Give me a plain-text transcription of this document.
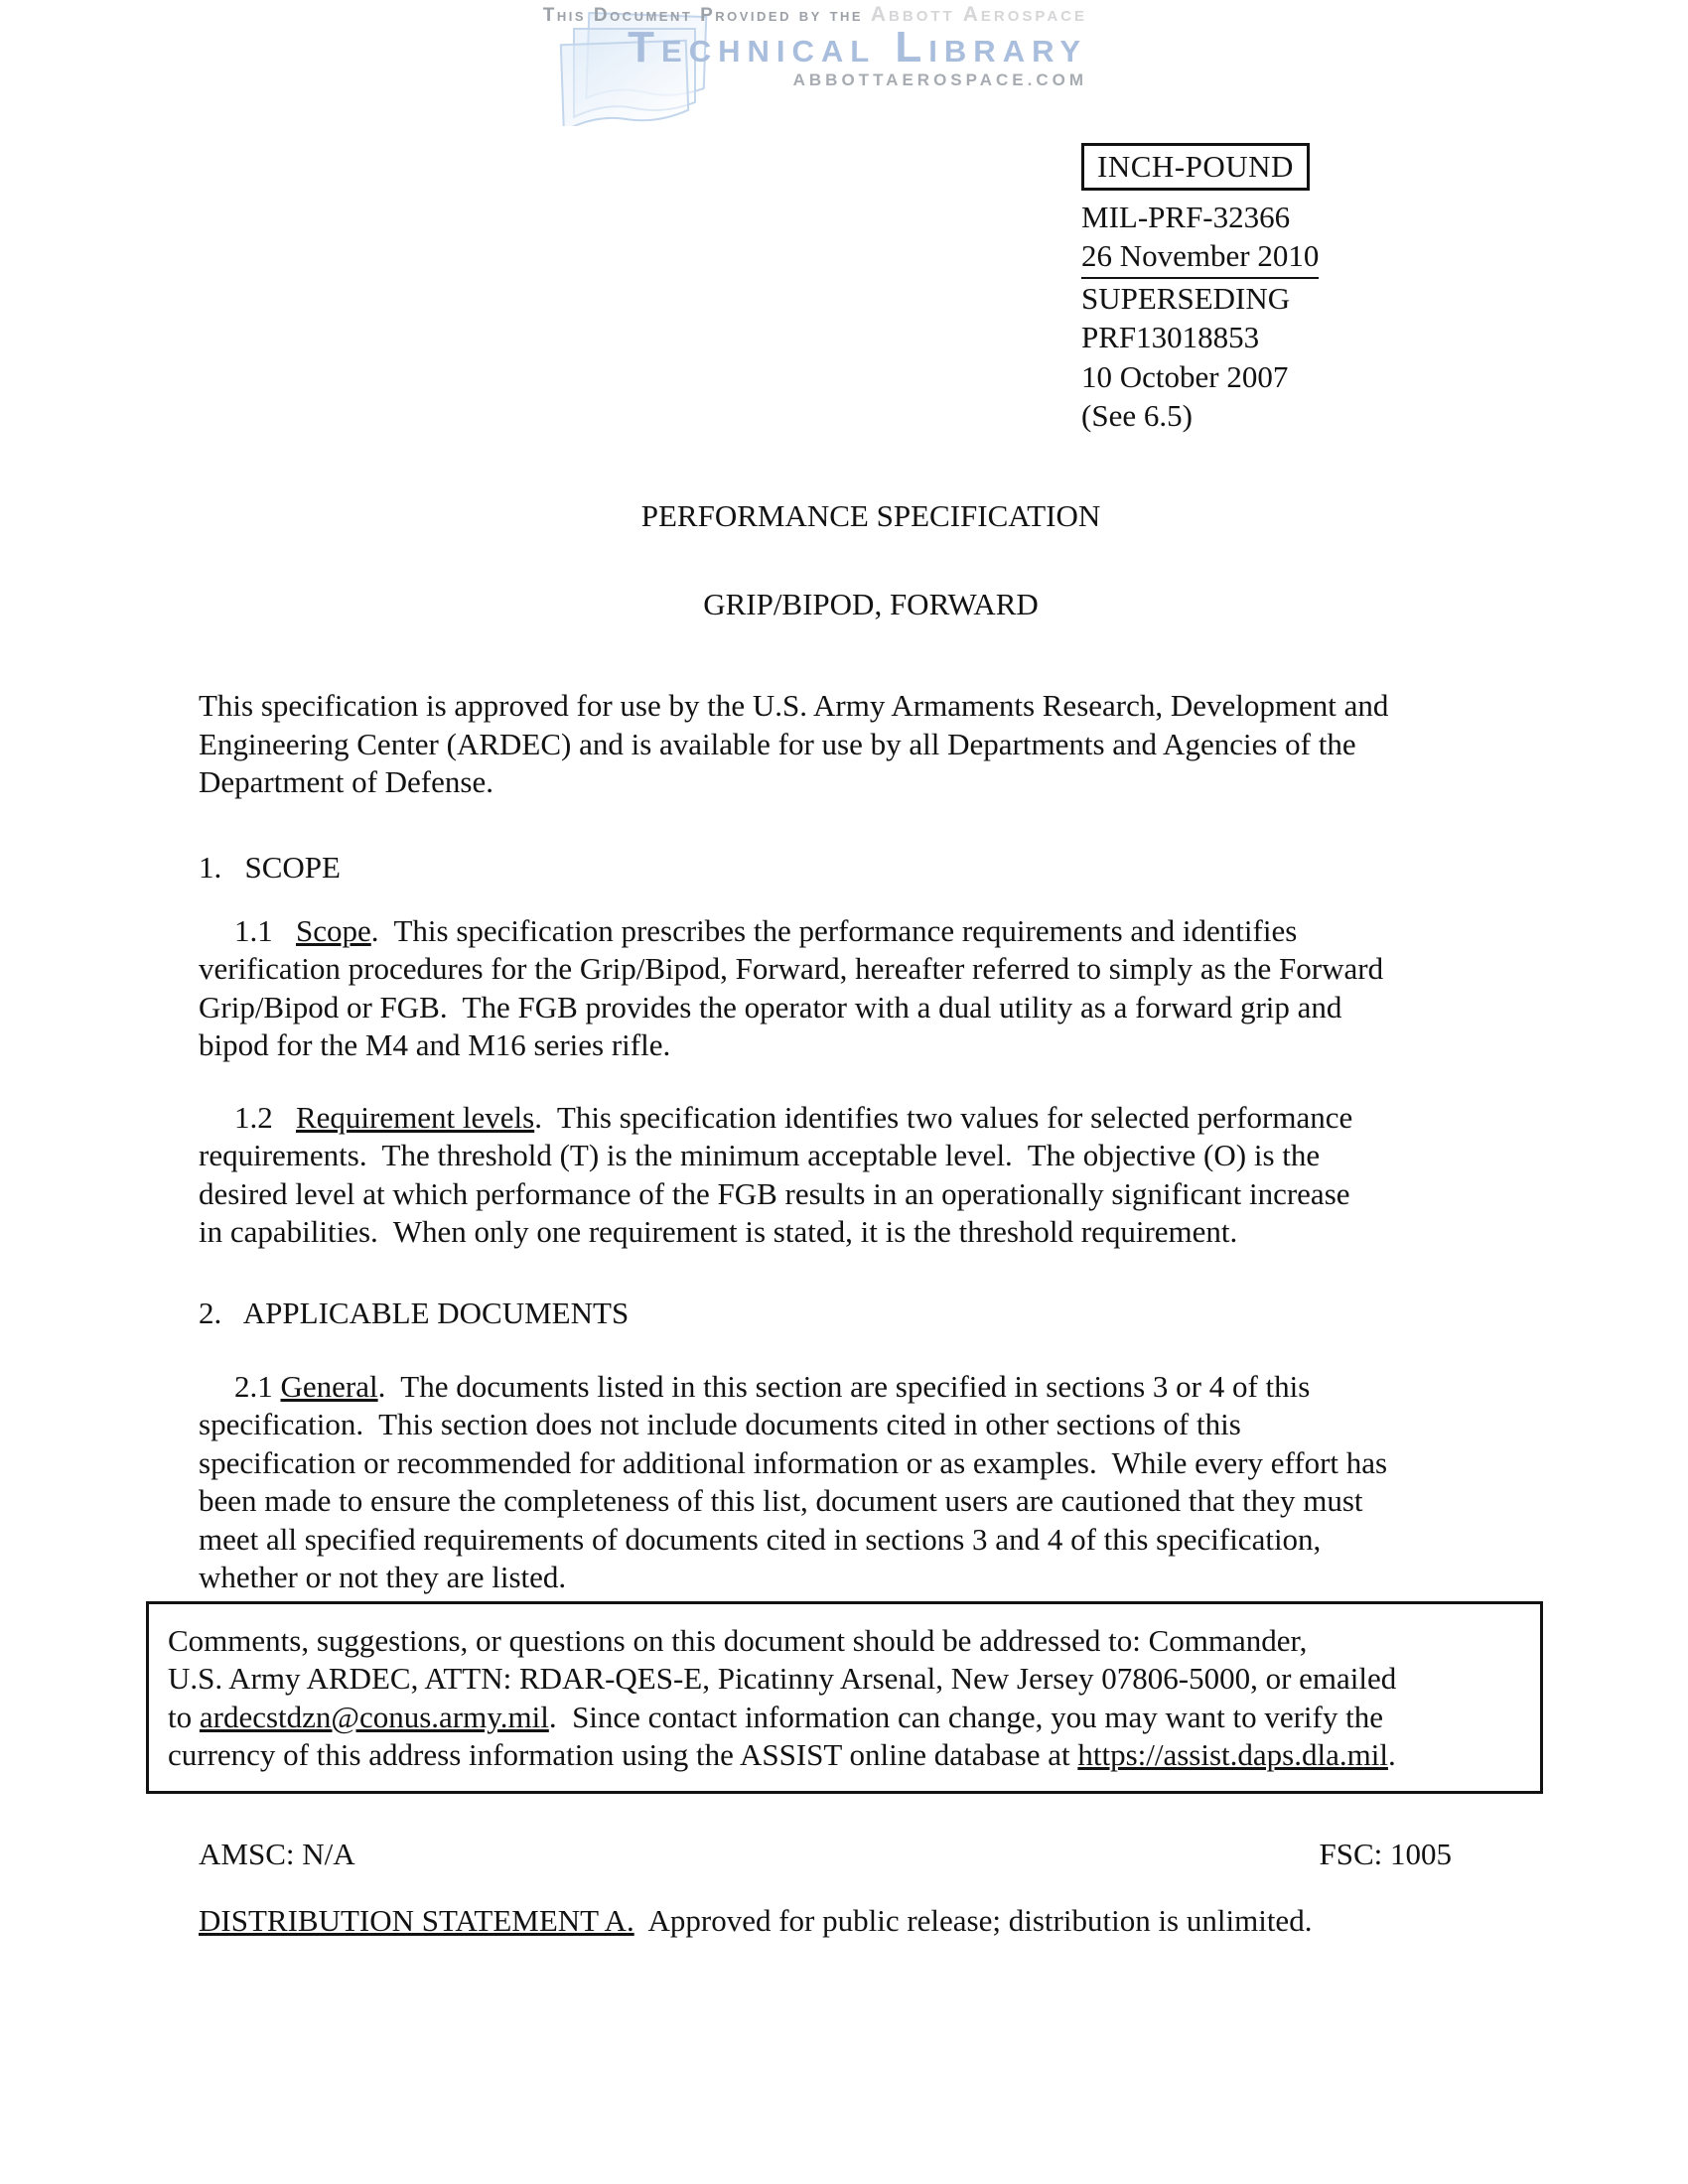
This Document Provided by the Abbott Aerospace
Technical Library
ABBOTTAEROSPACE.COM
INCH-POUND
MIL-PRF-32366
26 November 2010
SUPERSEDING
PRF13018853
10 October 2007
(See 6.5)
PERFORMANCE SPECIFICATION
GRIP/BIPOD, FORWARD
This specification is approved for use by the U.S. Army Armaments Research, Development and
Engineering Center (ARDEC) and is available for use by all Departments and Agencies of the
Department of Defense.
1.   SCOPE
1.1   Scope.  This specification prescribes the performance requirements and identifies
verification procedures for the Grip/Bipod, Forward, hereafter referred to simply as the Forward
Grip/Bipod or FGB.  The FGB provides the operator with a dual utility as a forward grip and
bipod for the M4 and M16 series rifle.
1.2   Requirement levels.  This specification identifies two values for selected performance
requirements.  The threshold (T) is the minimum acceptable level.  The objective (O) is the
desired level at which performance of the FGB results in an operationally significant increase
in capabilities.  When only one requirement is stated, it is the threshold requirement.
2.   APPLICABLE DOCUMENTS
2.1 General.  The documents listed in this section are specified in sections 3 or 4 of this
specification.  This section does not include documents cited in other sections of this
specification or recommended for additional information or as examples.  While every effort has
been made to ensure the completeness of this list, document users are cautioned that they must
meet all specified requirements of documents cited in sections 3 and 4 of this specification,
whether or not they are listed.
Comments, suggestions, or questions on this document should be addressed to: Commander,
U.S. Army ARDEC, ATTN: RDAR-QES-E, Picatinny Arsenal, New Jersey 07806-5000, or emailed
to ardecstdzn@conus.army.mil.  Since contact information can change, you may want to verify the
currency of this address information using the ASSIST online database at https://assist.daps.dla.mil.
AMSC: N/A	FSC: 1005
DISTRIBUTION STATEMENT A.  Approved for public release; distribution is unlimited.
